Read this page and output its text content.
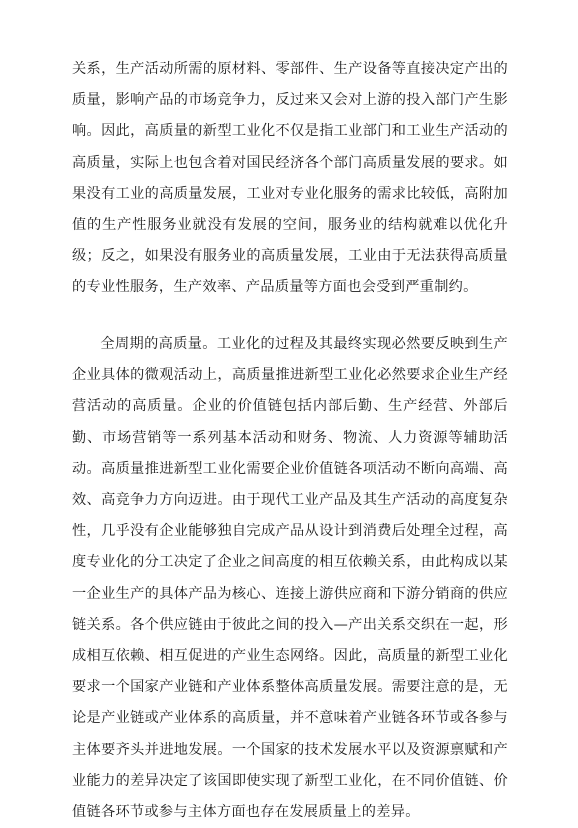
关系，生产活动所需的原材料、零部件、生产设备等直接决定产出的质量，影响产品的市场竞争力，反过来又会对上游的投入部门产生影响。因此，高质量的新型工业化不仅是指工业部门和工业生产活动的高质量，实际上也包含着对国民经济各个部门高质量发展的要求。如果没有工业的高质量发展，工业对专业化服务的需求比较低，高附加值的生产性服务业就没有发展的空间，服务业的结构就难以优化升级；反之，如果没有服务业的高质量发展，工业由于无法获得高质量的专业性服务，生产效率、产品质量等方面也会受到严重制约。

全周期的高质量。工业化的过程及其最终实现必然要反映到生产企业具体的微观活动上，高质量推进新型工业化必然要求企业生产经营活动的高质量。企业的价值链包括内部后勤、生产经营、外部后勤、市场营销等一系列基本活动和财务、物流、人力资源等辅助活动。高质量推进新型工业化需要企业价值链各项活动不断向高端、高效、高竞争力方向迈进。由于现代工业产品及其生产活动的高度复杂性，几乎没有企业能够独自完成产品从设计到消费后处理全过程，高度专业化的分工决定了企业之间高度的相互依赖关系，由此构成以某一企业生产的具体产品为核心、连接上游供应商和下游分销商的供应链关系。各个供应链由于彼此之间的投入—产出关系交织在一起，形成相互依赖、相互促进的产业生态网络。因此，高质量的新型工业化要求一个国家产业链和产业体系整体高质量发展。需要注意的是，无论是产业链或产业体系的高质量，并不意味着产业链各环节或各参与主体要齐头并进地发展。一个国家的技术发展水平以及资源禀赋和产业能力的差异决定了该国即使实现了新型工业化，在不同价值链、价值链各环节或参与主体方面也存在发展质量上的差异。
